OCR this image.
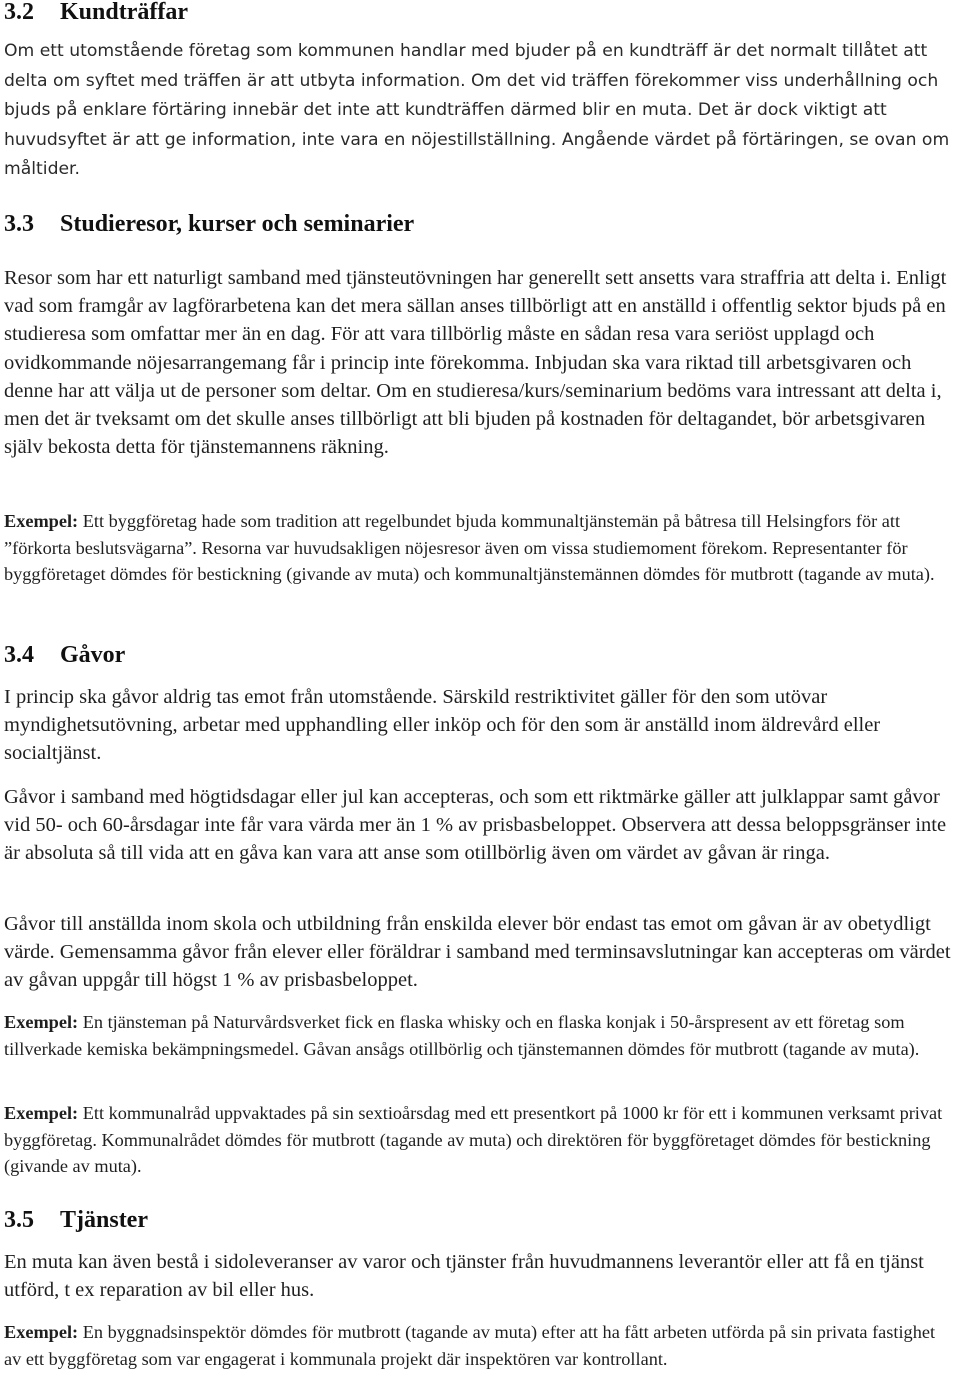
3.2 Kundträffar

Om ett utomstående företag som kommunen handlar med bjuder på en kundträff är det normalt tillåtet att delta om syftet med träffen är att utbyta information. Om det vid träffen förekommer viss underhållning och bjuds på enklare förtäring innebär det inte att kundträffen därmed blir en muta. Det är dock viktigt att huvudsyftet är att ge information, inte vara en nöjestillställning. Angående värdet på förtäringen, se ovan om måltider.

3.3 Studieresor, kurser och seminarier

Resor som har ett naturligt samband med tjänsteutövningen har generellt sett ansetts vara straffria att delta i. Enligt vad som framgår av lagförarbetena kan det mera sällan anses tillbörligt att en anställd i offentlig sektor bjuds på en studieresa som omfattar mer än en dag. För att vara tillbörlig måste en sådan resa vara seriöst upplagd och ovidkommande nöjesarrangemang får i princip inte förekomma. Inbjudan ska vara riktad till arbetsgivaren och denne har att välja ut de personer som deltar. Om en studieresa/kurs/seminarium bedöms vara intressant att delta i, men det är tveksamt om det skulle anses tillbörligt att bli bjuden på kostnaden för deltagandet, bör arbetsgivaren själv bekosta detta för tjänstemannens räkning.

Exempel: Ett byggföretag hade som tradition att regelbundet bjuda kommunaltjänstemän på båtresa till Helsingfors för att ”förkorta beslutsvägarna”. Resorna var huvudsakligen nöjesresor även om vissa studiemoment förekom. Representanter för byggföretaget dömdes för bestickning (givande av muta) och kommunaltjänstemännen dömdes för mutbrott (tagande av muta).

3.4 Gåvor

I princip ska gåvor aldrig tas emot från utomstående. Särskild restriktivitet gäller för den som utövar myndighetsutövning, arbetar med upphandling eller inköp och för den som är anställd inom äldrevård eller socialtjänst.

Gåvor i samband med högtidsdagar eller jul kan accepteras, och som ett riktmärke gäller att julklappar samt gåvor vid 50- och 60-årsdagar inte får vara värda mer än 1 % av prisbasbeloppet. Observera att dessa beloppsgränser inte är absoluta så till vida att en gåva kan vara att anse som otillbörlig även om värdet av gåvan är ringa.

Gåvor till anställda inom skola och utbildning från enskilda elever bör endast tas emot om gåvan är av obetydligt värde. Gemensamma gåvor från elever eller föräldrar i samband med terminsavslutningar kan accepteras om värdet av gåvan uppgår till högst 1 % av prisbasbeloppet.

Exempel: En tjänsteman på Naturvårdsverket fick en flaska whisky och en flaska konjak i 50-årspresent av ett företag som tillverkade kemiska bekämpningsmedel. Gåvan ansågs otillbörlig och tjänstemannen dömdes för mutbrott (tagande av muta).

Exempel: Ett kommunalråd uppvaktades på sin sextioårsdag med ett presentkort på 1000 kr för ett i kommunen verksamt privat byggföretag. Kommunalrådet dömdes för mutbrott (tagande av muta) och direktören för byggföretaget dömdes för bestickning (givande av muta).

3.5 Tjänster

En muta kan även bestå i sidoleveranser av varor och tjänster från huvudmannens leverantör eller att få en tjänst utförd, t ex reparation av bil eller hus.

Exempel: En byggnadsinspektör dömdes för mutbrott (tagande av muta) efter att ha fått arbeten utförda på sin privata fastighet av ett byggföretag som var engagerat i kommunala projekt där inspektören var kontrollant.
